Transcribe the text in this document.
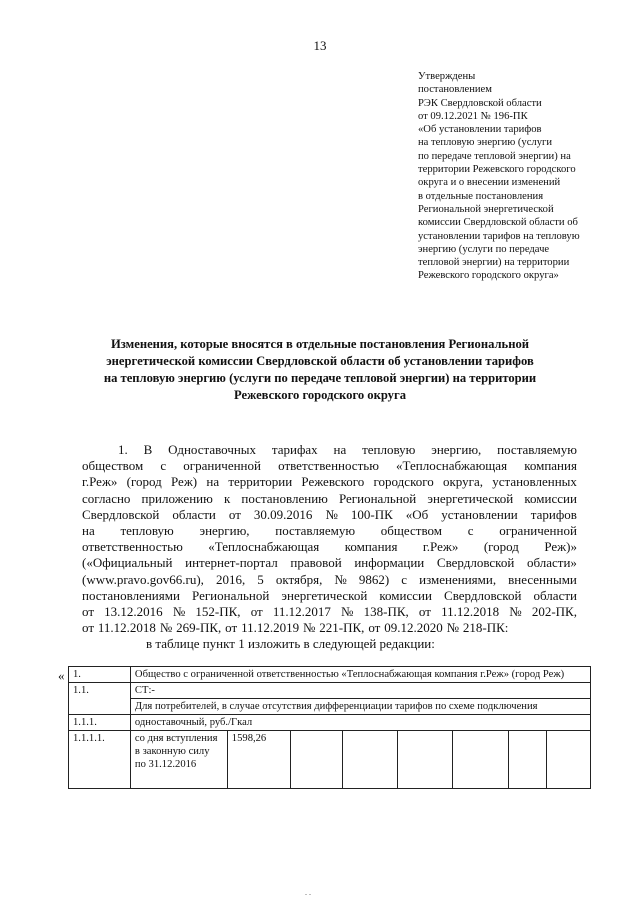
13
Утверждены
постановлением
РЭК Свердловской области
от 09.12.2021 № 196-ПК
«Об установлении тарифов
на тепловую энергию (услуги
по передаче тепловой энергии) на
территории Режевского городского
округа и о внесении изменений
в отдельные постановления
Региональной энергетической
комиссии Свердловской области об
установлении тарифов на тепловую
энергию (услуги по передаче
тепловой энергии) на территории
Режевского городского округа»
Изменения, которые вносятся в отдельные постановления Региональной
энергетической комиссии Свердловской области об установлении тарифов
на тепловую энергию (услуги по передаче тепловой энергии) на территории
Режевского городского округа
1. В Одноставочных тарифах на тепловую энергию, поставляемую
обществом с ограниченной ответственностью «Теплоснабжающая компания
г.Реж» (город Реж) на территории Режевского городского округа, установленных
согласно приложению к постановлению Региональной энергетической комиссии
Свердловской области от 30.09.2016 № 100-ПК «Об установлении тарифов
на тепловую энергию, поставляемую обществом с ограниченной
ответственностью «Теплоснабжающая компания г.Реж» (город Реж)»
(«Официальный интернет-портал правовой информации Свердловской области»
(www.pravo.gov66.ru), 2016, 5 октября, № 9862) с изменениями, внесенными
постановлениями Региональной энергетической комиссии Свердловской области
от 13.12.2016 № 152-ПК, от 11.12.2017 № 138-ПК, от 11.12.2018 № 202-ПК,
от 11.12.2018 № 269-ПК, от 11.12.2019 № 221-ПК, от 09.12.2020 № 218-ПК:
в таблице пункт 1 изложить в следующей редакции:
« 1.	Общество с ограниченной ответственностью «Теплоснабжающая компания г.Реж» (город Реж)							
1.1.	СТ:-							
	Для потребителей, в случае отсутствия дифференциации тарифов по схеме подключения							
1.1.1.	одноставочный, руб./Гкал							
1.1.1.1.	со дня вступления в законную силу по 31.12.2016	1598,26						
. .
